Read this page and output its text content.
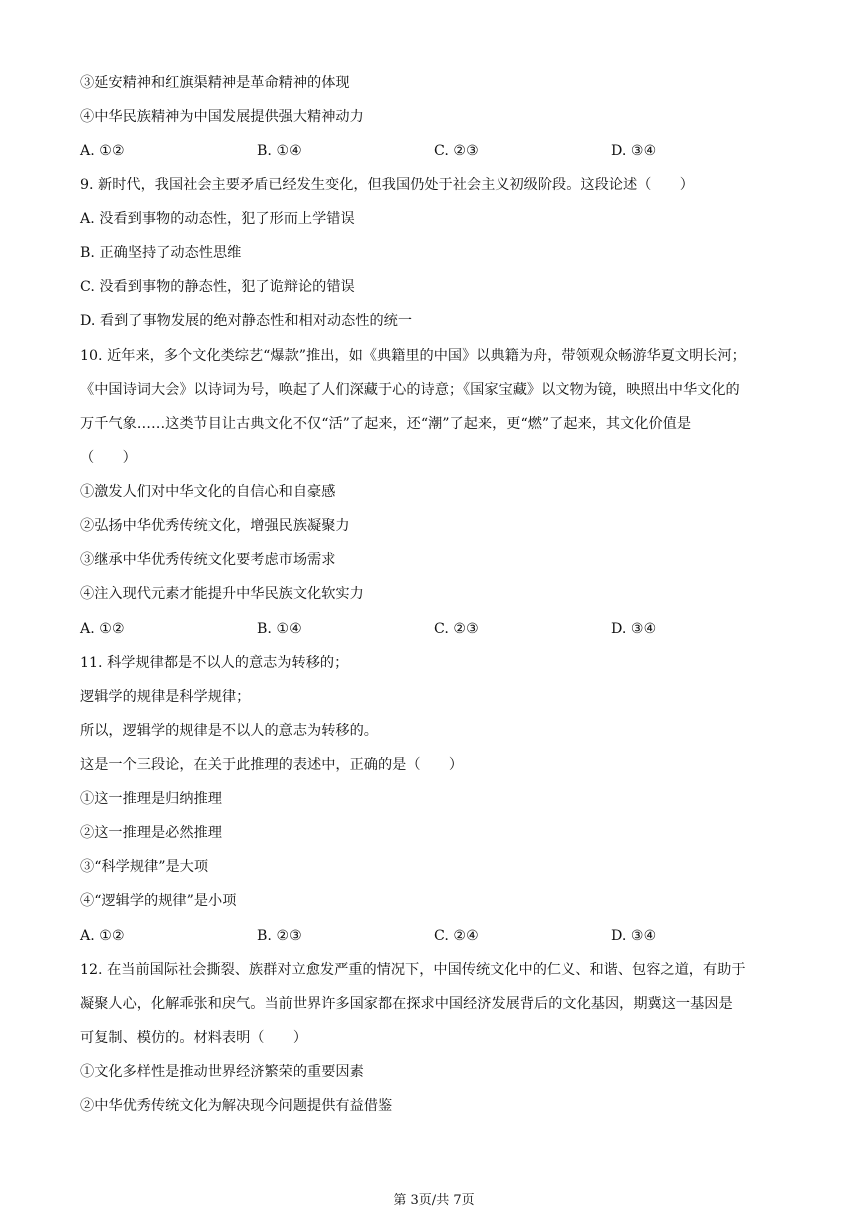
③延安精神和红旗渠精神是革命精神的体现
④中华民族精神为中国发展提供强大精神动力
A. ①②	B. ①④	C. ②③	D. ③④
9. 新时代，我国社会主要矛盾已经发生变化，但我国仍处于社会主义初级阶段。这段论述（　　）
A. 没看到事物的动态性，犯了形而上学错误
B. 正确坚持了动态性思维
C. 没看到事物的静态性，犯了诡辩论的错误
D. 看到了事物发展的绝对静态性和相对动态性的统一
10. 近年来，多个文化类综艺“爆款”推出，如《典籍里的中国》以典籍为舟，带领观众畅游华夏文明长河；
《中国诗词大会》以诗词为号，唤起了人们深藏于心的诗意；《国家宝藏》以文物为镜，映照出中华文化的
万千气象……这类节目让古典文化不仅“活”了起来，还“潮”了起来，更“燃”了起来，其文化价值是
（　　）
①激发人们对中华文化的自信心和自豪感
②弘扬中华优秀传统文化，增强民族凝聚力
③继承中华优秀传统文化要考虑市场需求
④注入现代元素才能提升中华民族文化软实力
A. ①②	B. ①④	C. ②③	D. ③④
11. 科学规律都是不以人的意志为转移的；
逻辑学的规律是科学规律；
所以，逻辑学的规律是不以人的意志为转移的。
这是一个三段论，在关于此推理的表述中，正确的是（　　）
①这一推理是归纳推理
②这一推理是必然推理
③“科学规律”是大项
④“逻辑学的规律”是小项
A. ①②	B. ②③	C. ②④	D. ③④
12. 在当前国际社会撕裂、族群对立愈发严重的情况下，中国传统文化中的仁义、和谐、包容之道，有助于
凝聚人心，化解乖张和戾气。当前世界许多国家都在探求中国经济发展背后的文化基因，期冀这一基因是
可复制、模仿的。材料表明（　　）
①文化多样性是推动世界经济繁荣的重要因素
②中华优秀传统文化为解决现今问题提供有益借鉴
第 3页/共 7页
